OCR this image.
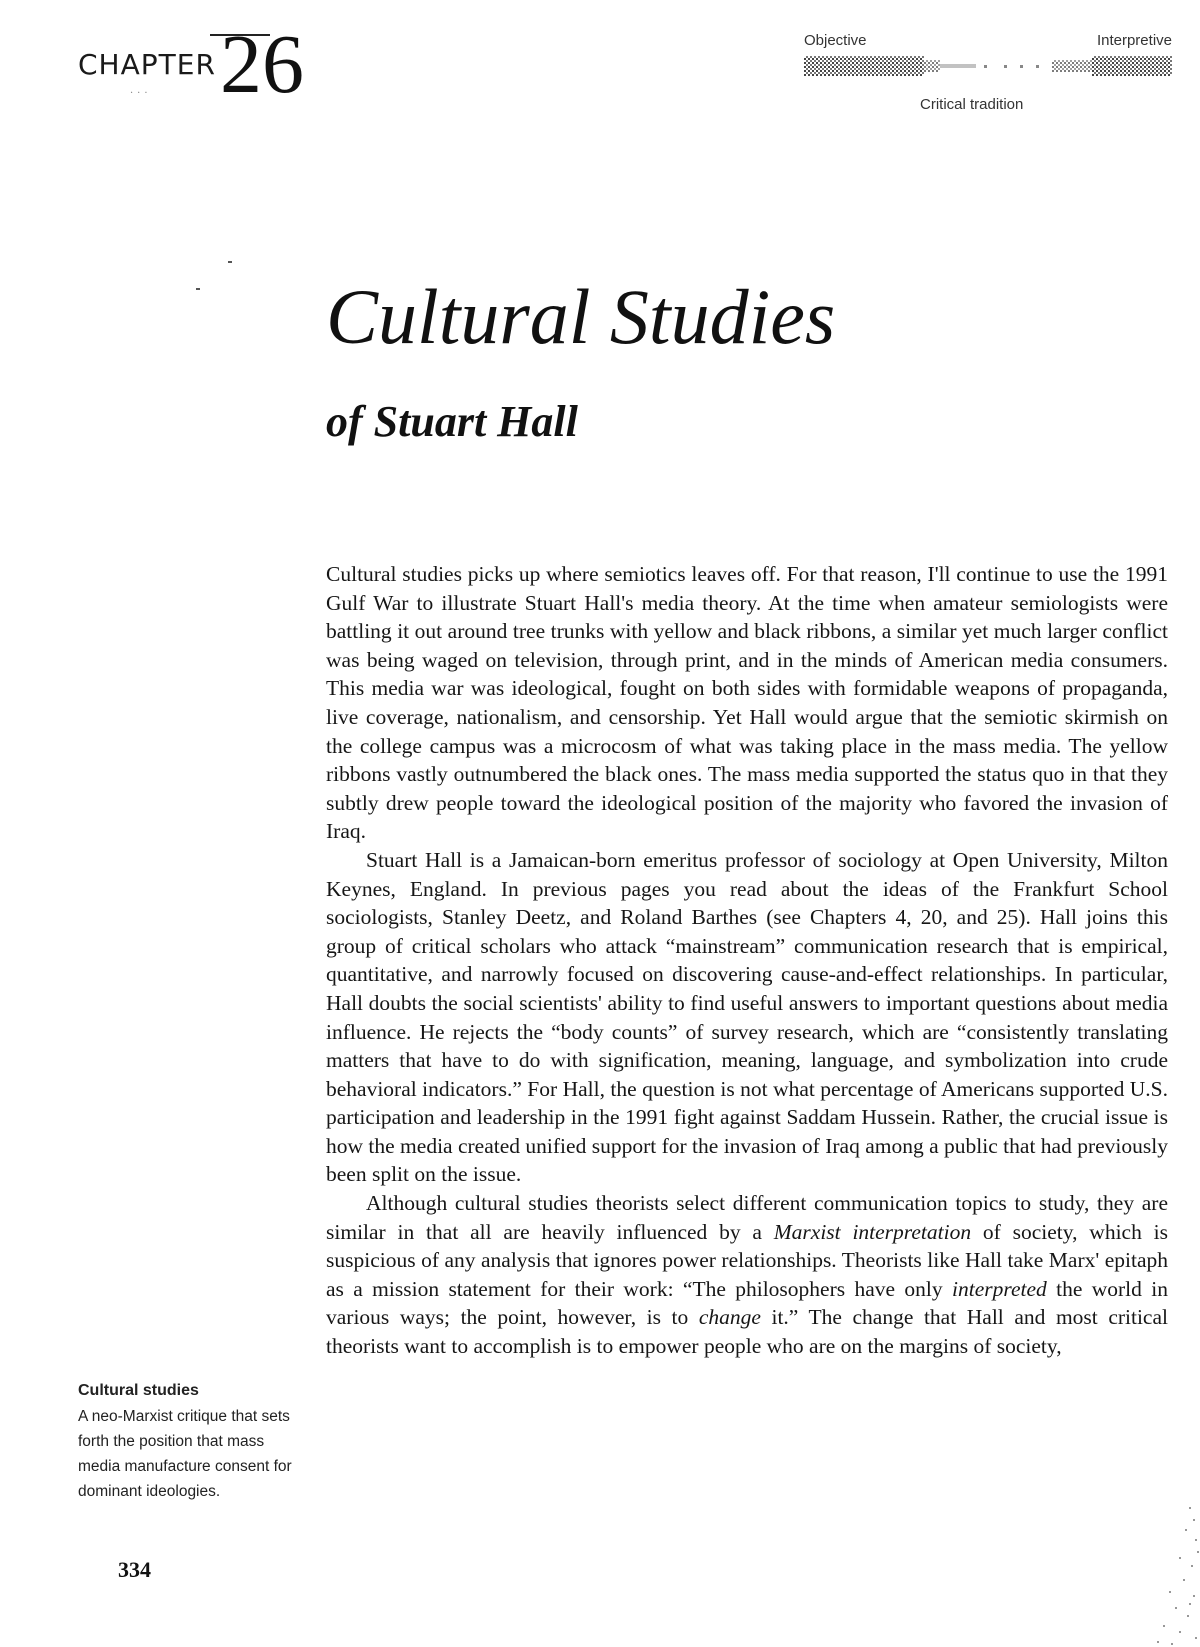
CHAPTER 26
···
Objective	Interpretive
Critical tradition
Cultural Studies
of Stuart Hall

Cultural studies picks up where semiotics leaves off. For that reason, I'll continue to use the 1991 Gulf War to illustrate Stuart Hall's media theory. At the time when amateur semiologists were battling it out around tree trunks with yellow and black ribbons, a similar yet much larger conflict was being waged on television, through print, and in the minds of American media consumers. This media war was ideological, fought on both sides with formidable weapons of propaganda, live coverage, nationalism, and censorship. Yet Hall would argue that the semiotic skirmish on the college campus was a microcosm of what was taking place in the mass media. The yellow ribbons vastly outnumbered the black ones. The mass media supported the status quo in that they subtly drew people toward the ideological position of the majority who favored the invasion of Iraq.

Stuart Hall is a Jamaican-born emeritus professor of sociology at Open University, Milton Keynes, England. In previous pages you read about the ideas of the Frankfurt School sociologists, Stanley Deetz, and Roland Barthes (see Chapters 4, 20, and 25). Hall joins this group of critical scholars who attack “mainstream” communication research that is empirical, quantitative, and narrowly focused on discovering cause-and-effect relationships. In particular, Hall doubts the social scientists' ability to find useful answers to important questions about media influence. He rejects the “body counts” of survey research, which are “consistently translating matters that have to do with signification, meaning, language, and symbolization into crude behavioral indicators.” For Hall, the question is not what percentage of Americans supported U.S. participation and leadership in the 1991 fight against Saddam Hussein. Rather, the crucial issue is how the media created unified support for the invasion of Iraq among a public that had previously been split on the issue.

Although cultural studies theorists select different communication topics to study, they are similar in that all are heavily influenced by a Marxist interpretation of society, which is suspicious of any analysis that ignores power relationships. Theorists like Hall take Marx' epitaph as a mission statement for their work: “The philosophers have only interpreted the world in various ways; the point, however, is to change it.” The change that Hall and most critical theorists want to accomplish is to empower people who are on the margins of society,

Cultural studies
A neo-Marxist critique that sets forth the position that mass media manufacture consent for dominant ideologies.
334
